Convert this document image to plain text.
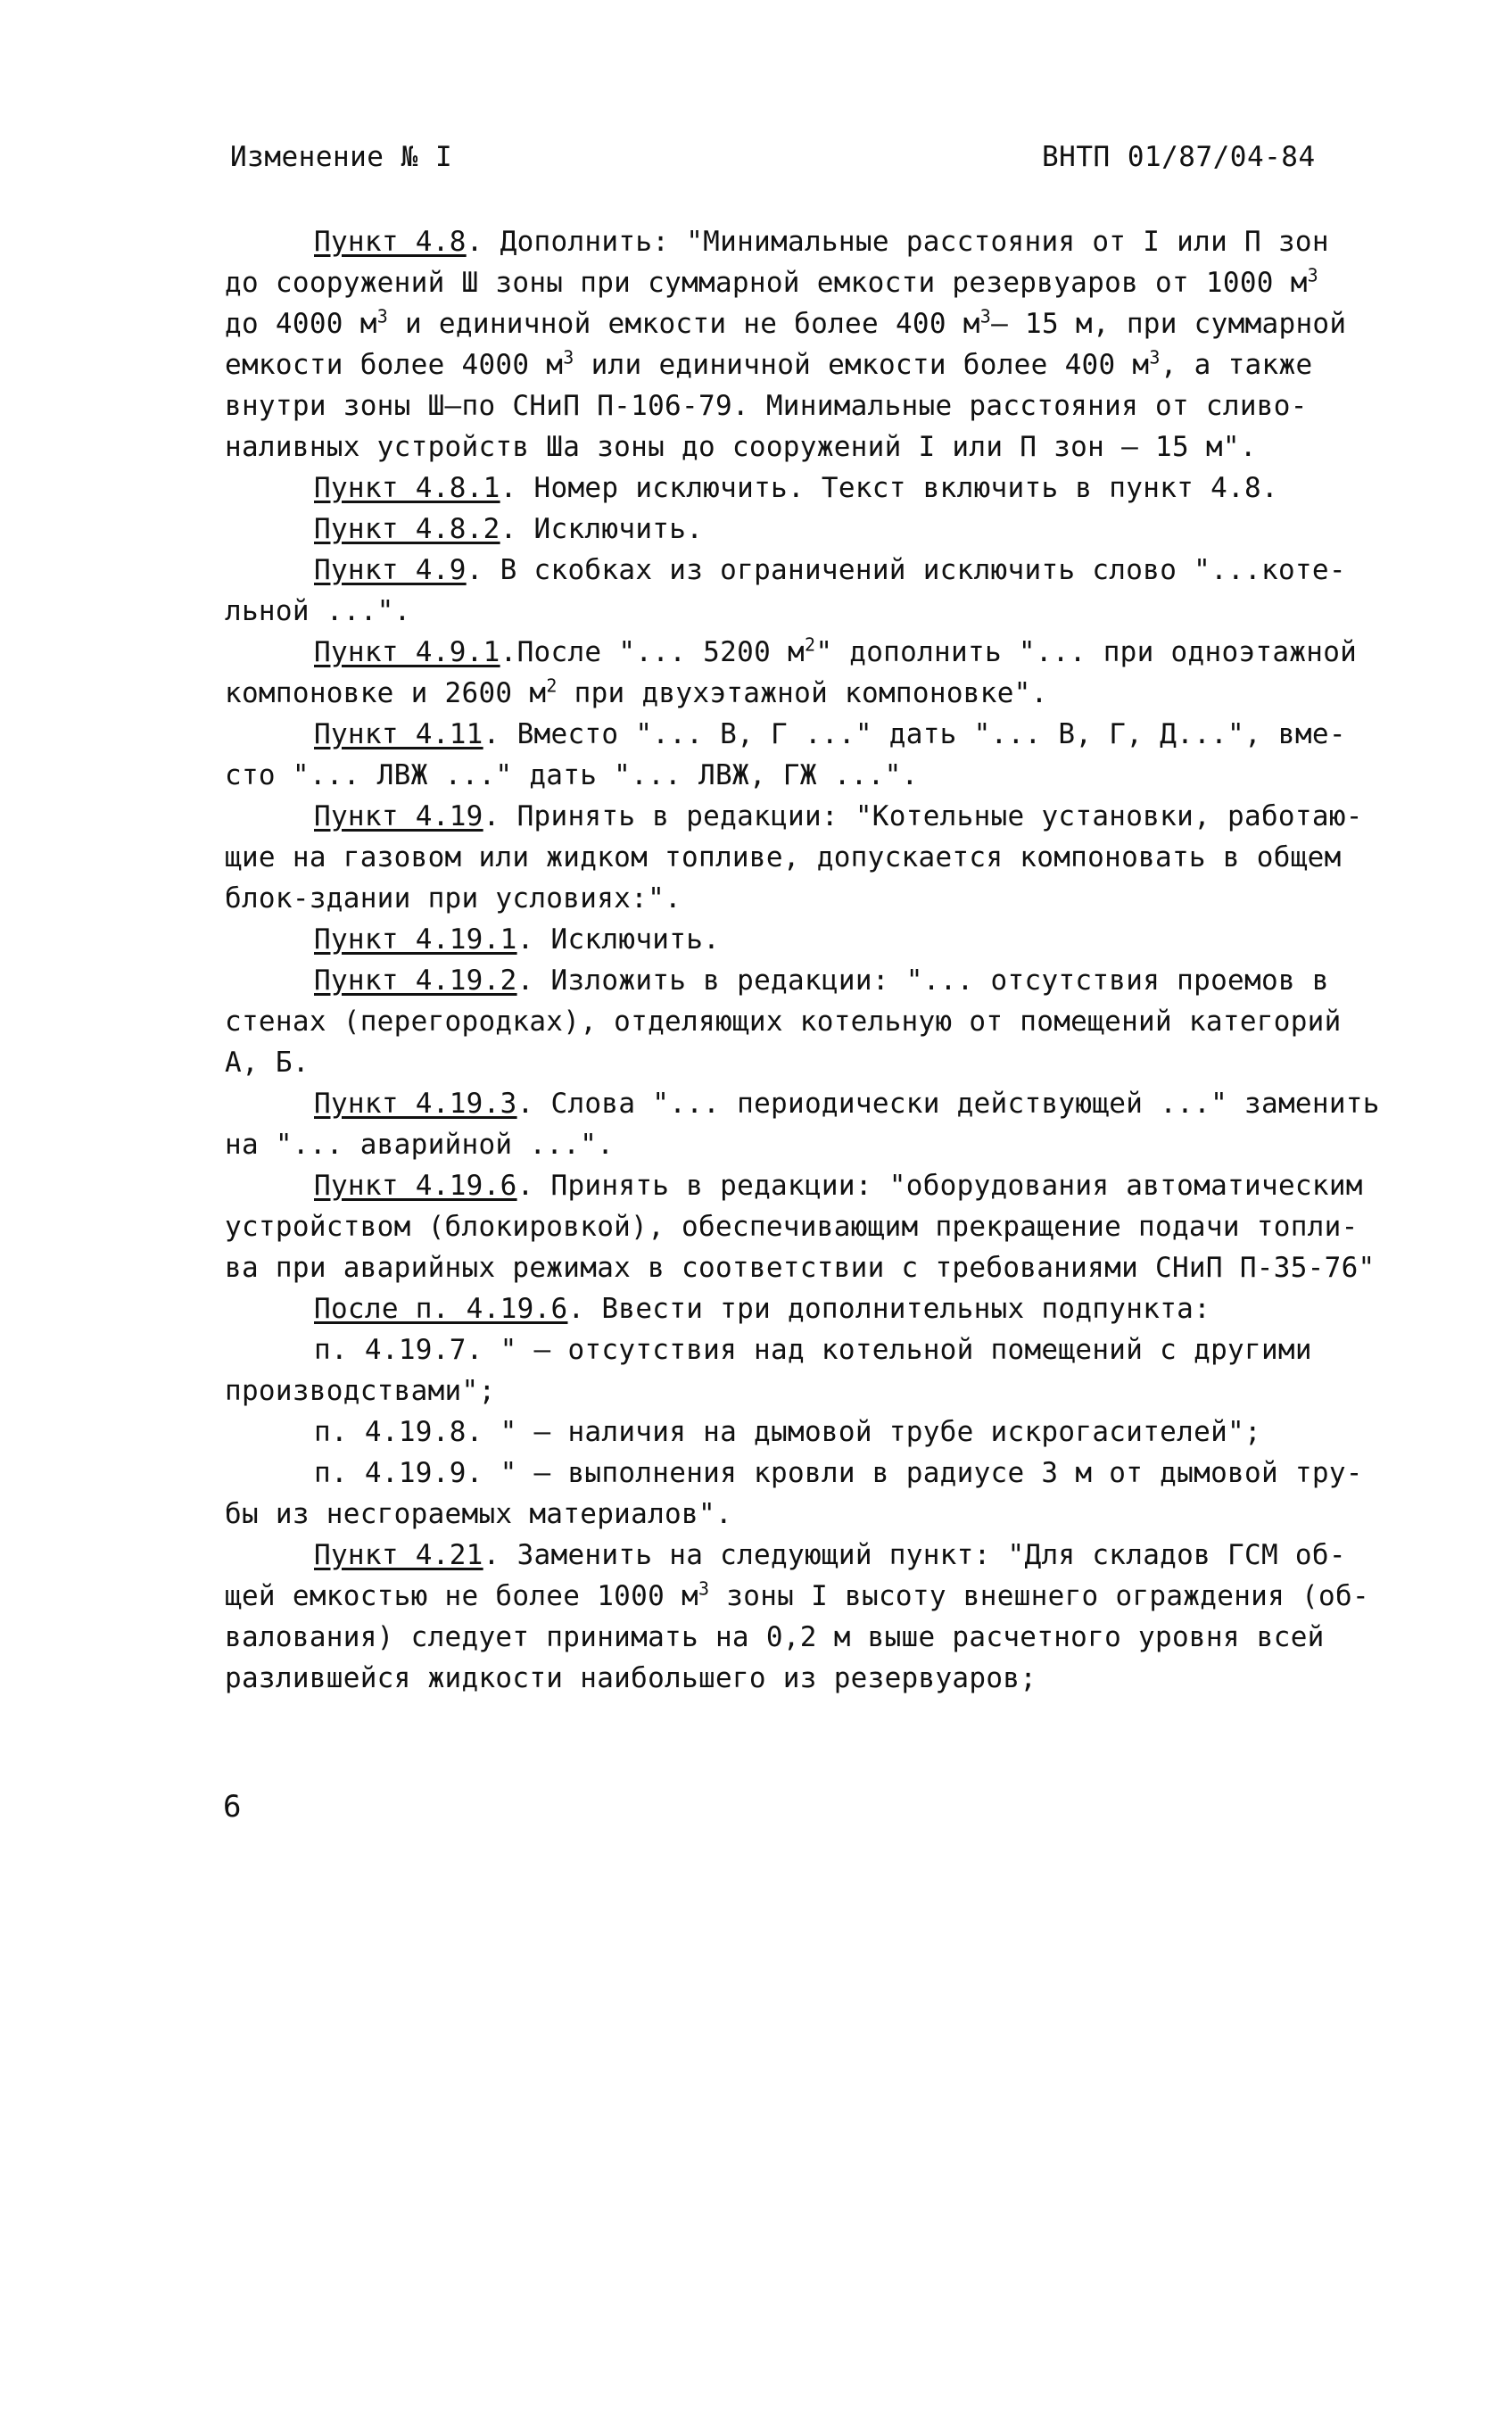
Изменение № I	ВНТП 01/87/04-84
Пункт 4.8. Дополнить: "Минимальные расстояния от I или П зон
до сооружений Ш зоны при суммарной емкости резервуаров от 1000 $м^3$
до 4000 $м^3$ и единичной емкости не более 400 $м^3-$ 15 м, при суммарной
емкости более 4000 $м^3$ или единичной емкости более 400 $м^3$, а также
внутри зоны Ш–по СНиП П-106-79. Минимальные расстояния от сливо-
наливных устройств Ша зоны до сооружений I или П зон – 15 м".
Пункт 4.8.1. Номер исключить. Текст включить в пункт 4.8.
Пункт 4.8.2. Исключить.
Пункт 4.9. В скобках из ограничений исключить слово "...коте-
льной ...".
Пункт 4.9.1.После "... 5200 $м^2$" дополнить "... при одноэтажной
компоновке и 2600 $м^2$ при двухэтажной компоновке".
Пункт 4.11. Вместо "... В, Г ..." дать "... В, Г, Д...", вме-
сто "... ЛВЖ ..." дать "... ЛВЖ, ГЖ ...".
Пункт 4.19. Принять в редакции: "Котельные установки, работаю-
щие на газовом или жидком топливе, допускается компоновать в общем
блок-здании при условиях:".
Пункт 4.19.1. Исключить.
Пункт 4.19.2. Изложить в редакции: "... отсутствия проемов в
стенах (перегородках), отделяющих котельную от помещений категорий
А, Б.
Пункт 4.19.3. Слова "... периодически действующей ..." заменить
на "... аварийной ...".
Пункт 4.19.6. Принять в редакции: "оборудования автоматическим
устройством (блокировкой), обеспечивающим прекращение подачи топли-
ва при аварийных режимах в соответствии с требованиями СНиП П-35-76"
После п. 4.19.6. Ввести три дополнительных подпункта:
п. 4.19.7. " – отсутствия над котельной помещений с другими
производствами";
п. 4.19.8. " – наличия на дымовой трубе искрогасителей";
п. 4.19.9. " – выполнения кровли в радиусе 3 м от дымовой тру-
бы из несгораемых материалов".
Пункт 4.21. Заменить на следующий пункт: "Для складов ГСМ об-
щей емкостью не более 1000 $м^3$ зоны I высоту внешнего ограждения (об-
валования) следует принимать на 0,2 м выше расчетного уровня всей
разлившейся жидкости наибольшего из резервуаров;
6
